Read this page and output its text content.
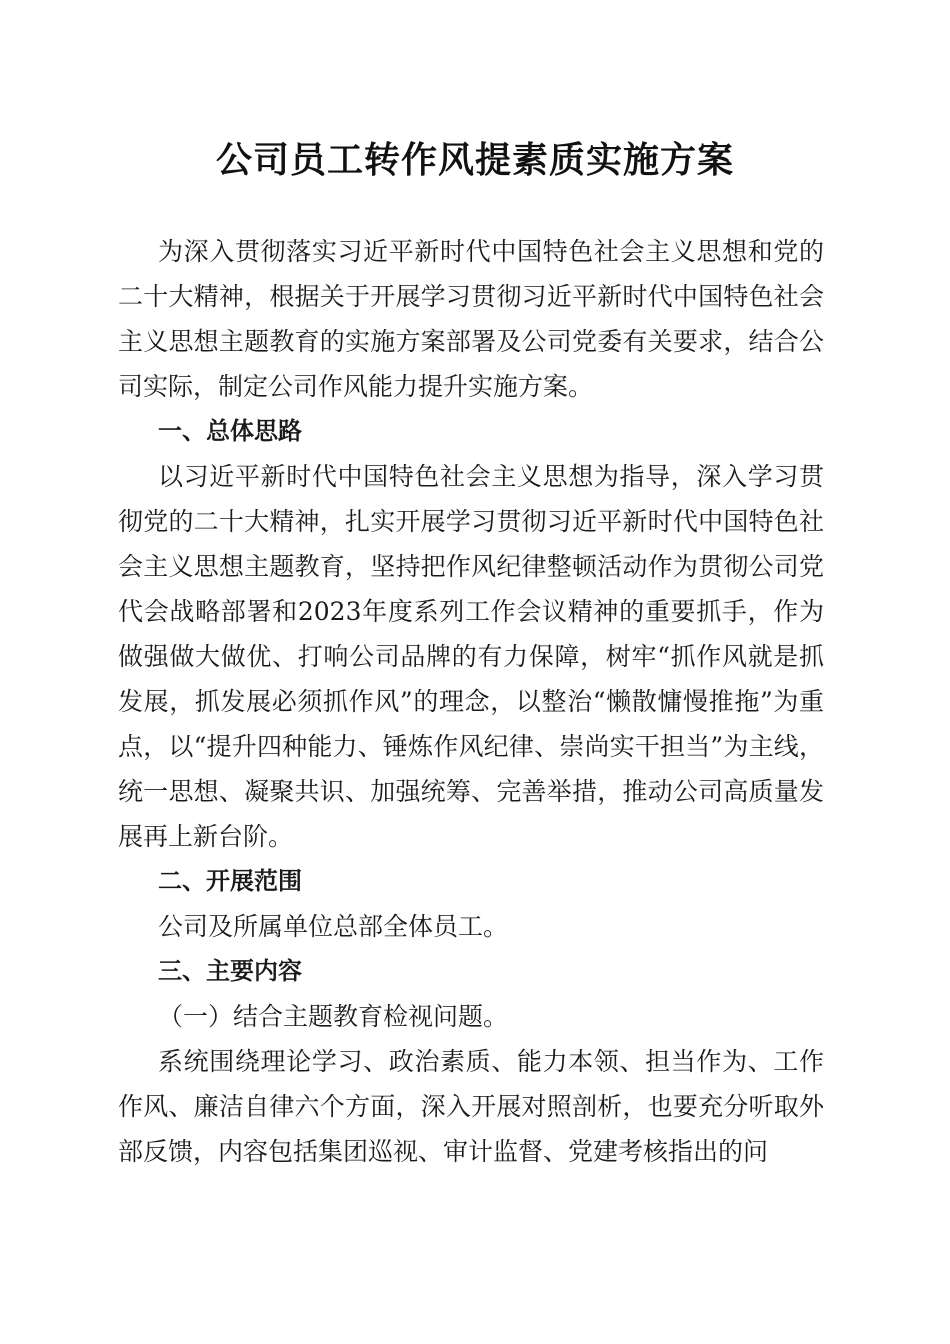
公司员工转作风提素质实施方案

为深入贯彻落实习近平新时代中国特色社会主义思想和党的二十大精神，根据关于开展学习贯彻习近平新时代中国特色社会主义思想主题教育的实施方案部署及公司党委有关要求，结合公司实际，制定公司作风能力提升实施方案。

一、总体思路

以习近平新时代中国特色社会主义思想为指导，深入学习贯彻党的二十大精神，扎实开展学习贯彻习近平新时代中国特色社会主义思想主题教育，坚持把作风纪律整顿活动作为贯彻公司党代会战略部署和2023年度系列工作会议精神的重要抓手，作为做强做大做优、打响公司品牌的有力保障，树牢“抓作风就是抓发展，抓发展必须抓作风”的理念，以整治“懒散慵慢推拖”为重点，以“提升四种能力、锤炼作风纪律、崇尚实干担当”为主线，统一思想、凝聚共识、加强统筹、完善举措，推动公司高质量发展再上新台阶。

二、开展范围

公司及所属单位总部全体员工。

三、主要内容

（一）结合主题教育检视问题。

系统围绕理论学习、政治素质、能力本领、担当作为、工作作风、廉洁自律六个方面，深入开展对照剖析，也要充分听取外部反馈，内容包括集团巡视、审计监督、党建考核指出的问
